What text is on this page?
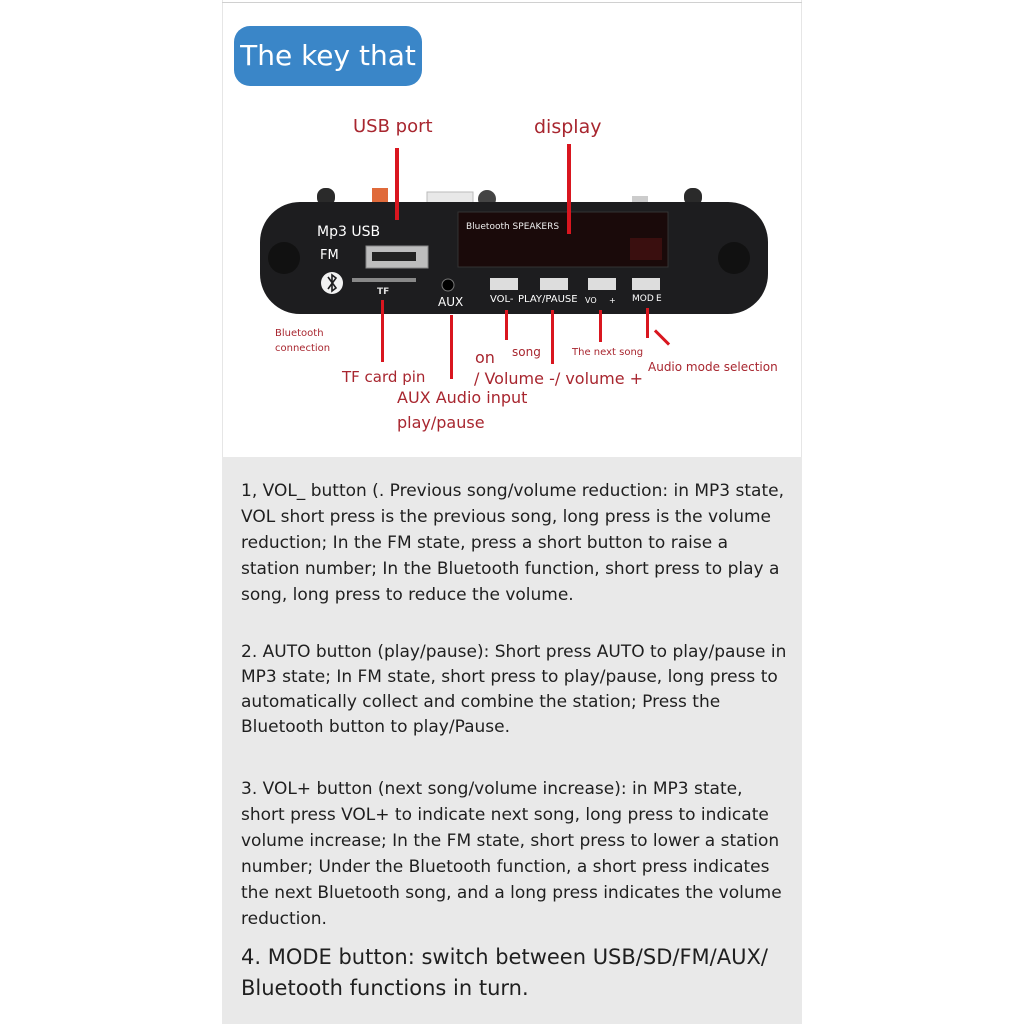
The key that
Mp3 USB
FM
TF
AUX
Bluetooth SPEAKERS
VOL- PLAY/PAUSE VO + MOD E
USB port	display
Bluetooth
connection
TF card pin
AUX Audio input
on song
/ Volume -/ volume +
play/pause
The next song
Audio mode selection
1, VOL_ button (. Previous song/volume reduction: in MP3 state, VOL short press is the previous song, long press is the volume reduction; In the FM state, press a short button to raise a station number; In the Bluetooth function, short press to play a song, long press to reduce the volume.
2. AUTO button (play/pause): Short press AUTO to play/pause in MP3 state; In FM state, short press to play/pause, long press to automatically collect and combine the station; Press the Bluetooth button to play/Pause.
3. VOL+ button (next song/volume increase): in MP3 state, short press VOL+ to indicate next song, long press to indicate volume increase; In the FM state, short press to lower a station number; Under the Bluetooth function, a short press indicates the next Bluetooth song, and a long press indicates the volume reduction.
4. MODE button: switch between USB/SD/FM/AUX/ Bluetooth functions in turn.
